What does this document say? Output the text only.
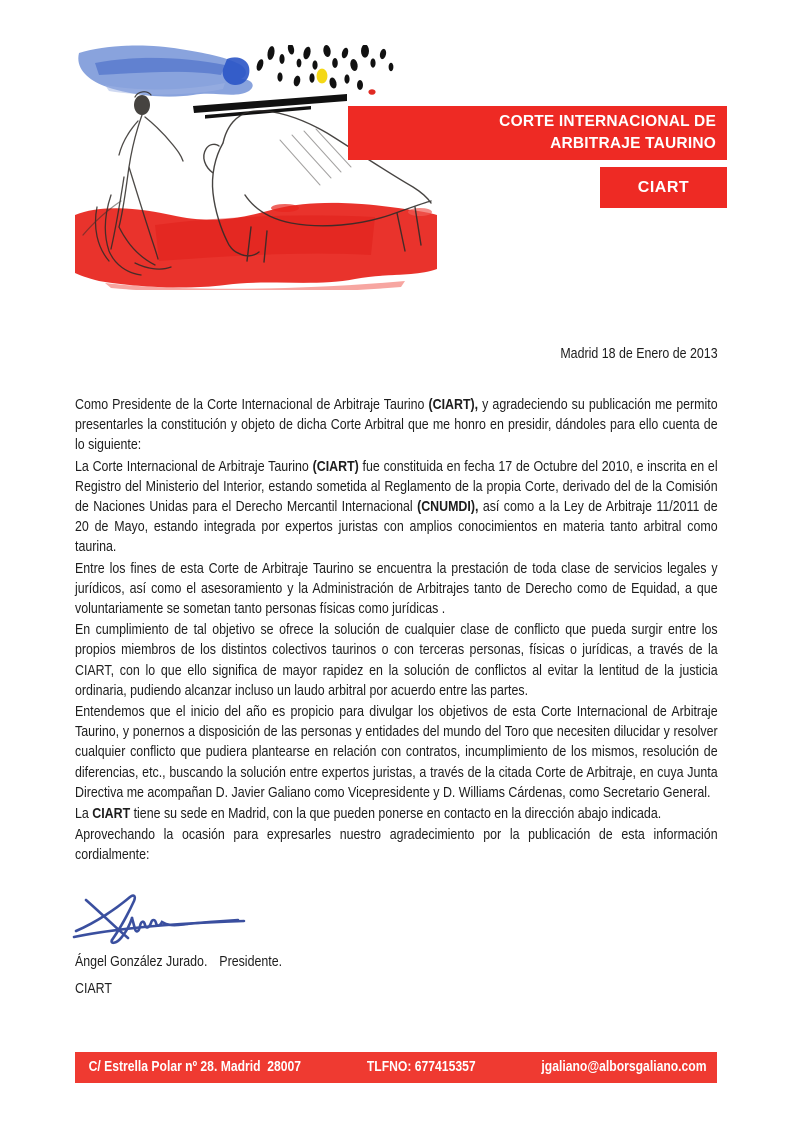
CORTE INTERNACIONAL DE
ARBITRAJE TAURINO
CIART
Madrid 18 de Enero de 2013

Como Presidente de la Corte Internacional de Arbitraje Taurino (CIART), y agradeciendo su publicación me permito presentarles la constitución y objeto de dicha Corte Arbitral que me honro en presidir, dándoles para ello cuenta de lo siguiente:

La Corte Internacional de Arbitraje Taurino (CIART) fue constituida en fecha 17 de Octubre del 2010, e inscrita en el Registro del Ministerio del Interior, estando sometida al Reglamento de la propia Corte, derivado del de la Comisión de Naciones Unidas para el Derecho Mercantil Internacional (CNUMDI), así como a la Ley de Arbitraje 11/2011 de 20 de Mayo, estando integrada por expertos juristas con amplios conocimientos en materia tanto arbitral como taurina.

Entre los fines de esta Corte de Arbitraje Taurino se encuentra la prestación de toda clase de servicios legales y jurídicos, así como el asesoramiento y la Administración de Arbitrajes tanto de Derecho como de Equidad, a que voluntariamente se sometan tanto personas físicas como jurídicas .

En cumplimiento de tal objetivo se ofrece la solución de cualquier clase de conflicto que pueda surgir entre los propios miembros de los distintos colectivos taurinos o con terceras personas, físicas o jurídicas, a través de la CIART, con lo que ello significa de mayor rapidez en la solución de conflictos al evitar la lentitud de la justicia ordinaria, pudiendo alcanzar incluso un laudo arbitral por acuerdo entre las partes.

Entendemos que el inicio del año es propicio para divulgar los objetivos de esta Corte Internacional de Arbitraje Taurino, y ponernos a disposición de las personas y entidades del mundo del Toro que necesiten dilucidar y resolver cualquier conflicto que pudiera plantearse en relación con contratos, incumplimiento de los mismos, resolución de diferencias, etc., buscando la solución entre expertos juristas, a través de la citada Corte de Arbitraje, en cuya Junta Directiva me acompañan D. Javier Galiano como Vicepresidente y D. Williams Cárdenas, como Secretario General.

La CIART tiene su sede en Madrid, con la que pueden ponerse en contacto en la dirección abajo indicada.

Aprovechando la ocasión para expresarles nuestro agradecimiento por la publicación de esta información cordialmente:

Ángel González Jurado. Presidente.
CIART
C/ Estrella Polar nº 28. Madrid  28007	TLFNO: 677415357	jgaliano@alborsgaliano.com
